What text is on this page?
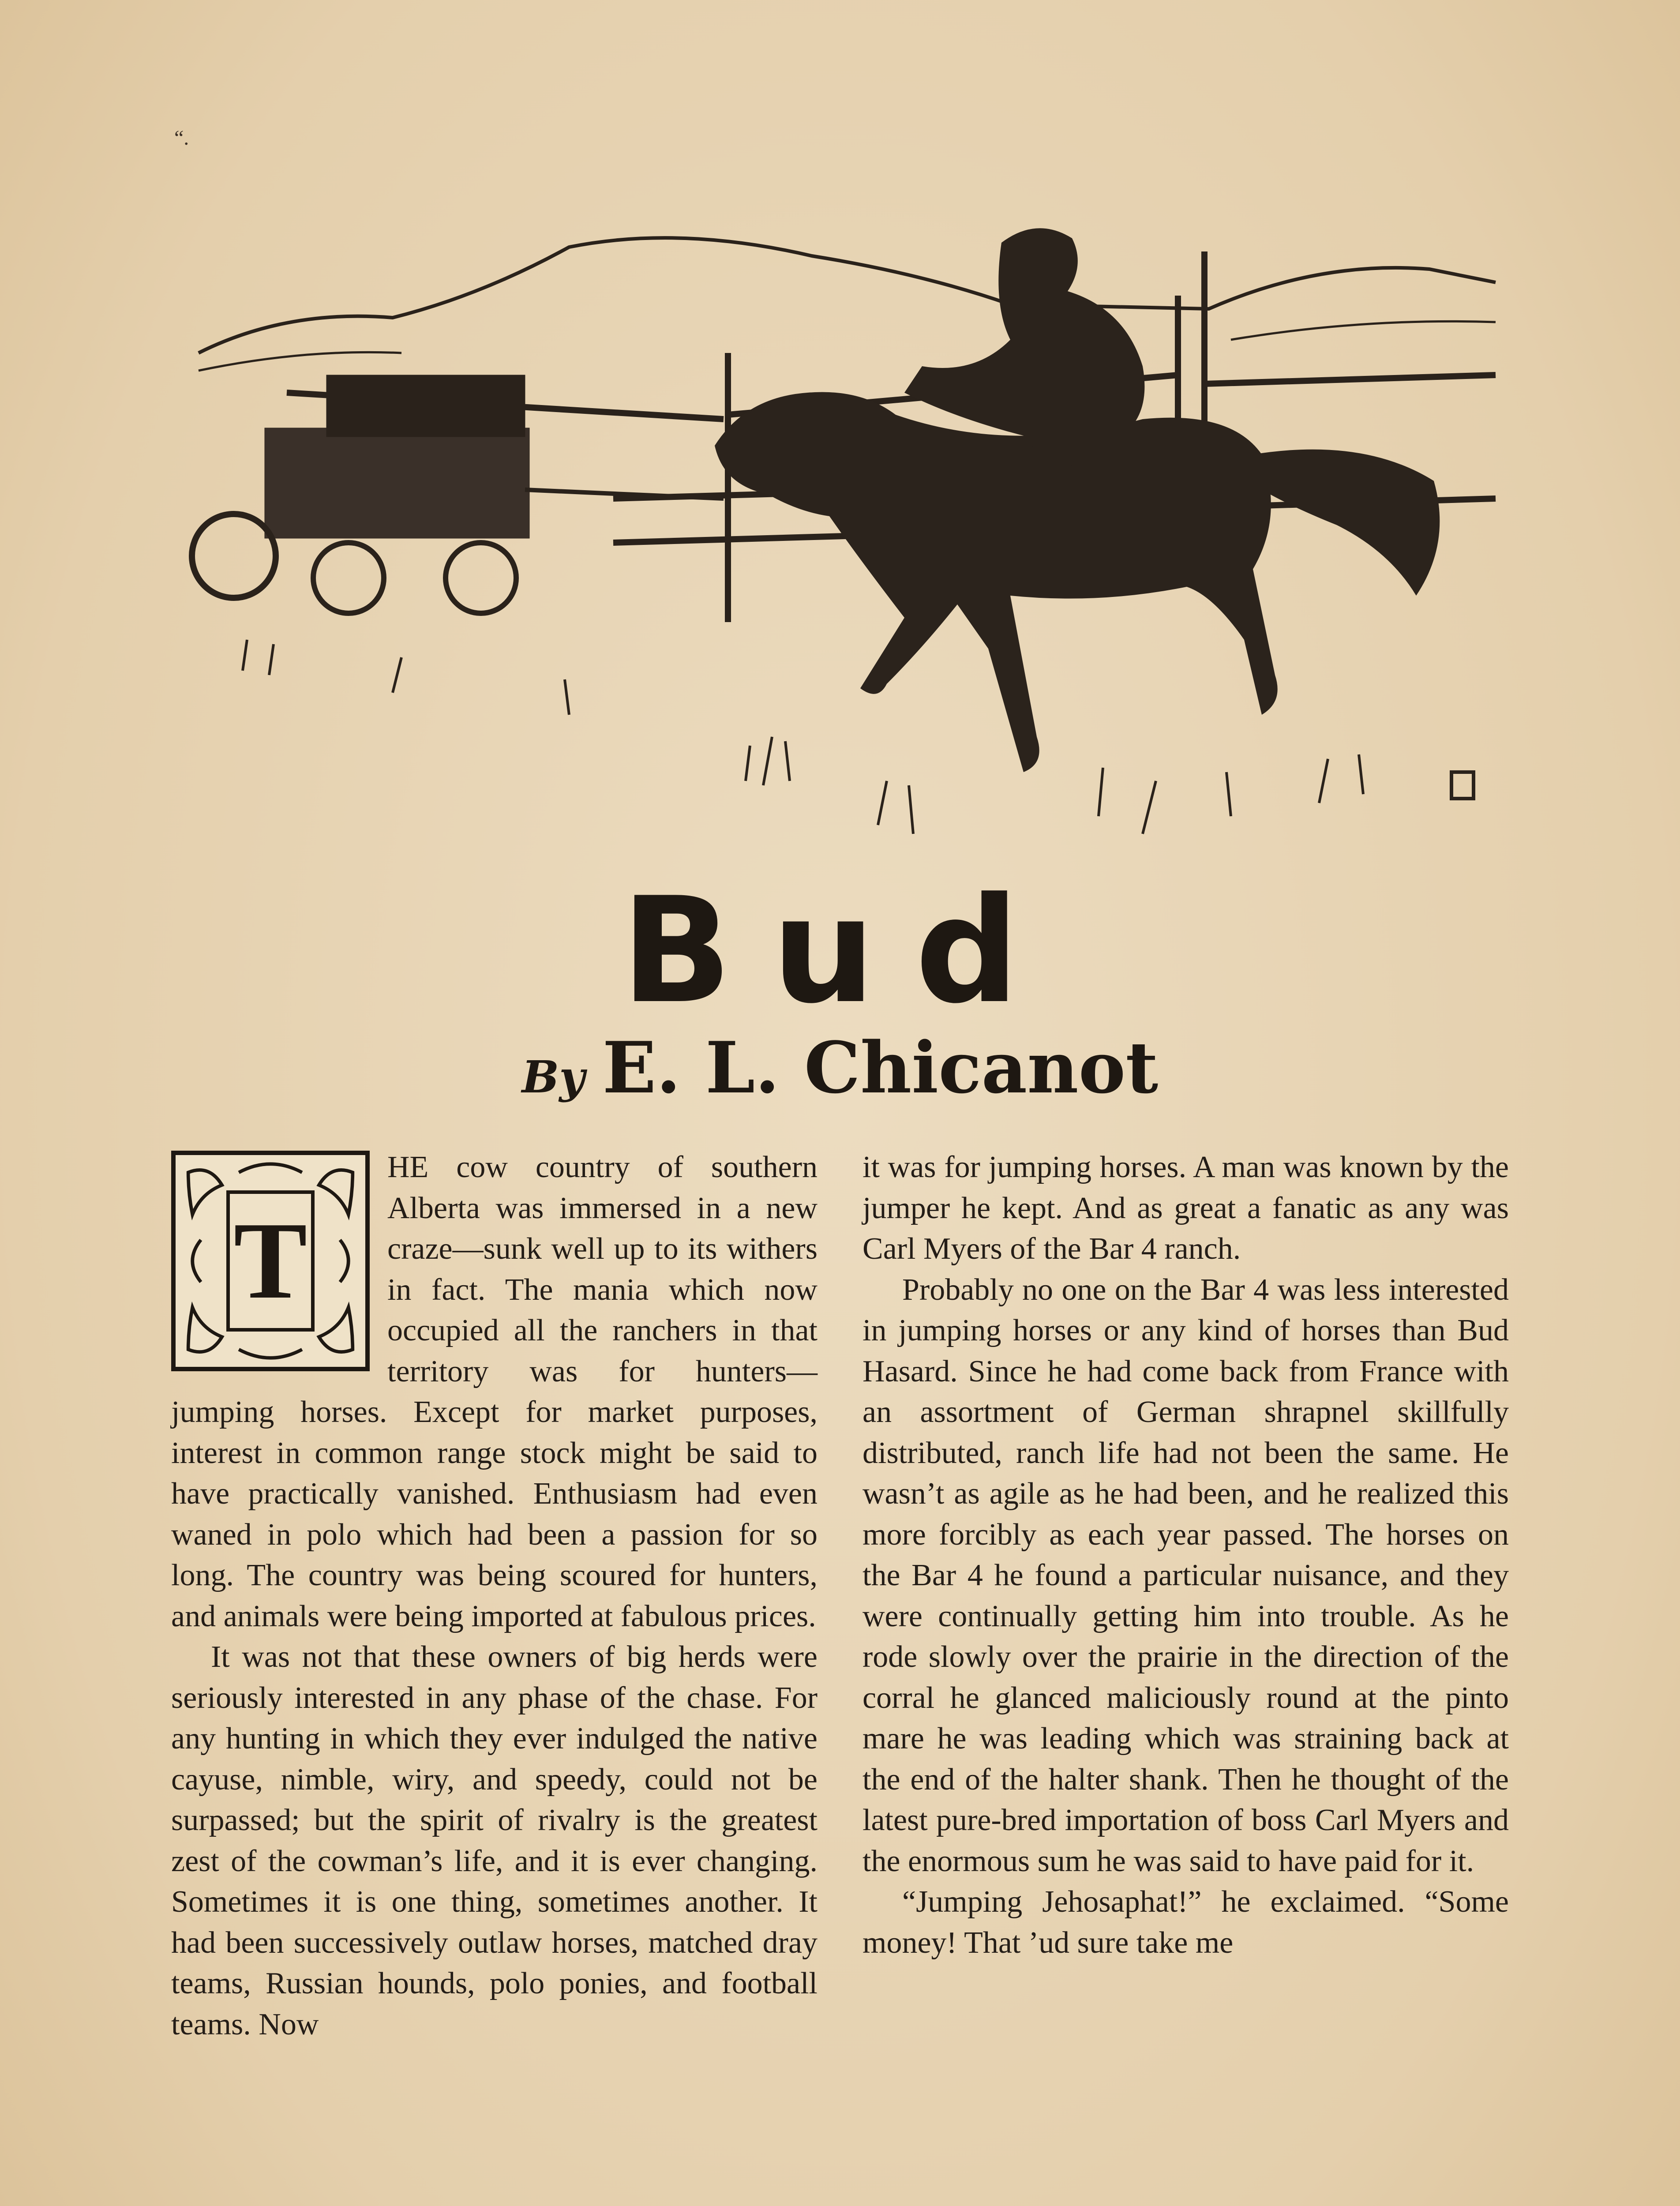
“.
Bud
By E. L. Chicanot
T

HE cow country of southern Alberta was immersed in a new craze—sunk well up to its withers in fact. The mania which now occupied all the ranchers in that territory was for hunters—jumping horses. Except for market purposes, interest in common range stock might be said to have practically vanished. Enthusiasm had even waned in polo which had been a passion for so long. The country was being scoured for hunters, and animals were being imported at fabulous prices.

It was not that these owners of big herds were seriously interested in any phase of the chase. For any hunting in which they ever indulged the native cayuse, nimble, wiry, and speedy, could not be surpassed; but the spirit of rivalry is the greatest zest of the cowman’s life, and it is ever changing. Sometimes it is one thing, sometimes another. It had been successively outlaw horses, matched dray teams, Russian hounds, polo ponies, and football teams. Now

it was for jumping horses. A man was known by the jumper he kept. And as great a fanatic as any was Carl Myers of the Bar 4 ranch.

Probably no one on the Bar 4 was less interested in jumping horses or any kind of horses than Bud Hasard. Since he had come back from France with an assortment of German shrapnel skillfully distributed, ranch life had not been the same. He wasn’t as agile as he had been, and he realized this more forcibly as each year passed. The horses on the Bar 4 he found a particular nuisance, and they were continually getting him into trouble. As he rode slowly over the prairie in the direction of the corral he glanced maliciously round at the pinto mare he was leading which was straining back at the end of the halter shank. Then he thought of the latest pure-bred importation of boss Carl Myers and the enormous sum he was said to have paid for it.

“Jumping Jehosaphat!” he exclaimed. “Some money! That ’ud sure take me
